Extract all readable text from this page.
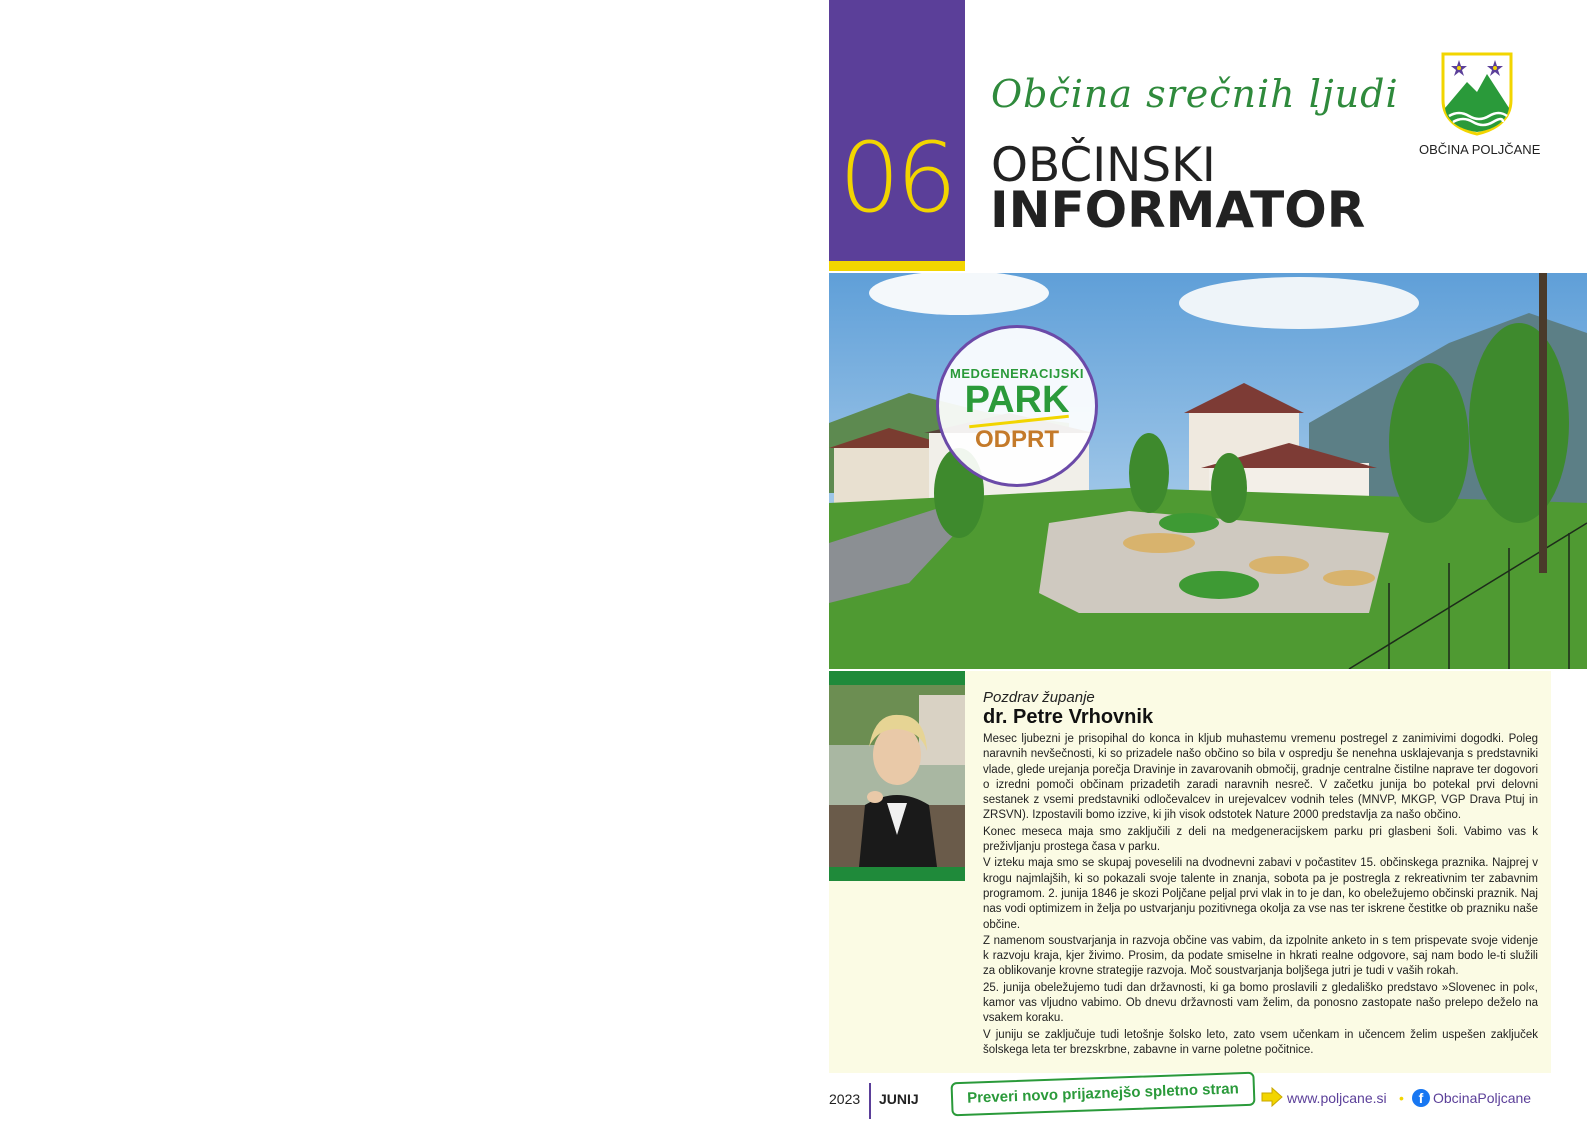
06
Občina srečnih ljudi
OBČINSKI
INFORMATOR
OBČINA POLJČANE
MEDGENERACIJSKI
PARK
ODPRT
Pozdrav županje
dr. Petre Vrhovnik

Mesec ljubezni je prisopihal do konca in kljub muhastemu vremenu postregel z zanimivimi dogodki. Poleg naravnih nevšečnosti, ki so prizadele našo občino so bila v ospredju še nenehna usklajevanja s predstavniki vlade, glede urejanja porečja Dravinje in zavarovanih območij, gradnje centralne čistilne naprave ter dogovori o izredni pomoči občinam prizadetih zaradi naravnih nesreč. V začetku junija bo potekal prvi delovni sestanek z vsemi predstavniki odločevalcev in urejevalcev vodnih teles (MNVP, MKGP, VGP Drava Ptuj in ZRSVN). Izpostavili bomo izzive, ki jih visok odstotek Nature 2000 predstavlja za našo občino.

Konec meseca maja smo zaključili z deli na medgeneracijskem parku pri glasbeni šoli. Vabimo vas k preživljanju prostega časa v parku.

V izteku maja smo se skupaj poveselili na dvodnevni zabavi v počastitev 15. občinskega praznika. Najprej v krogu najmlajših, ki so pokazali svoje talente in znanja, sobota pa je postregla z rekreativnim ter zabavnim programom. 2. junija 1846 je skozi Poljčane peljal prvi vlak in to je dan, ko obeležujemo občinski praznik. Naj nas vodi optimizem in želja po ustvarjanju pozitivnega okolja za vse nas ter iskrene čestitke ob prazniku naše občine.

Z namenom soustvarjanja in razvoja občine vas vabim, da izpolnite anketo in s tem prispevate svoje videnje k razvoju kraja, kjer živimo. Prosim, da podate smiselne in hkrati realne odgovore, saj nam bodo le-ti služili za oblikovanje krovne strategije razvoja. Moč soustvarjanja boljšega jutri je tudi v vaših rokah.

25. junija obeležujemo tudi dan državnosti, ki ga bomo proslavili z gledališko predstavo »Slovenec in pol«, kamor vas vljudno vabimo. Ob dnevu državnosti vam želim, da ponosno zastopate našo prelepo deželo na vsakem koraku.

V juniju se zaključuje tudi letošnje šolsko leto, zato vsem učenkam in učencem želim uspešen zaključek šolskega leta ter brezskrbne, zabavne in varne poletne počitnice.

2023 JUNIJ	Preveri novo prijaznejšo spletno stran	www.poljcane.si •	f ObcinaPoljcane
